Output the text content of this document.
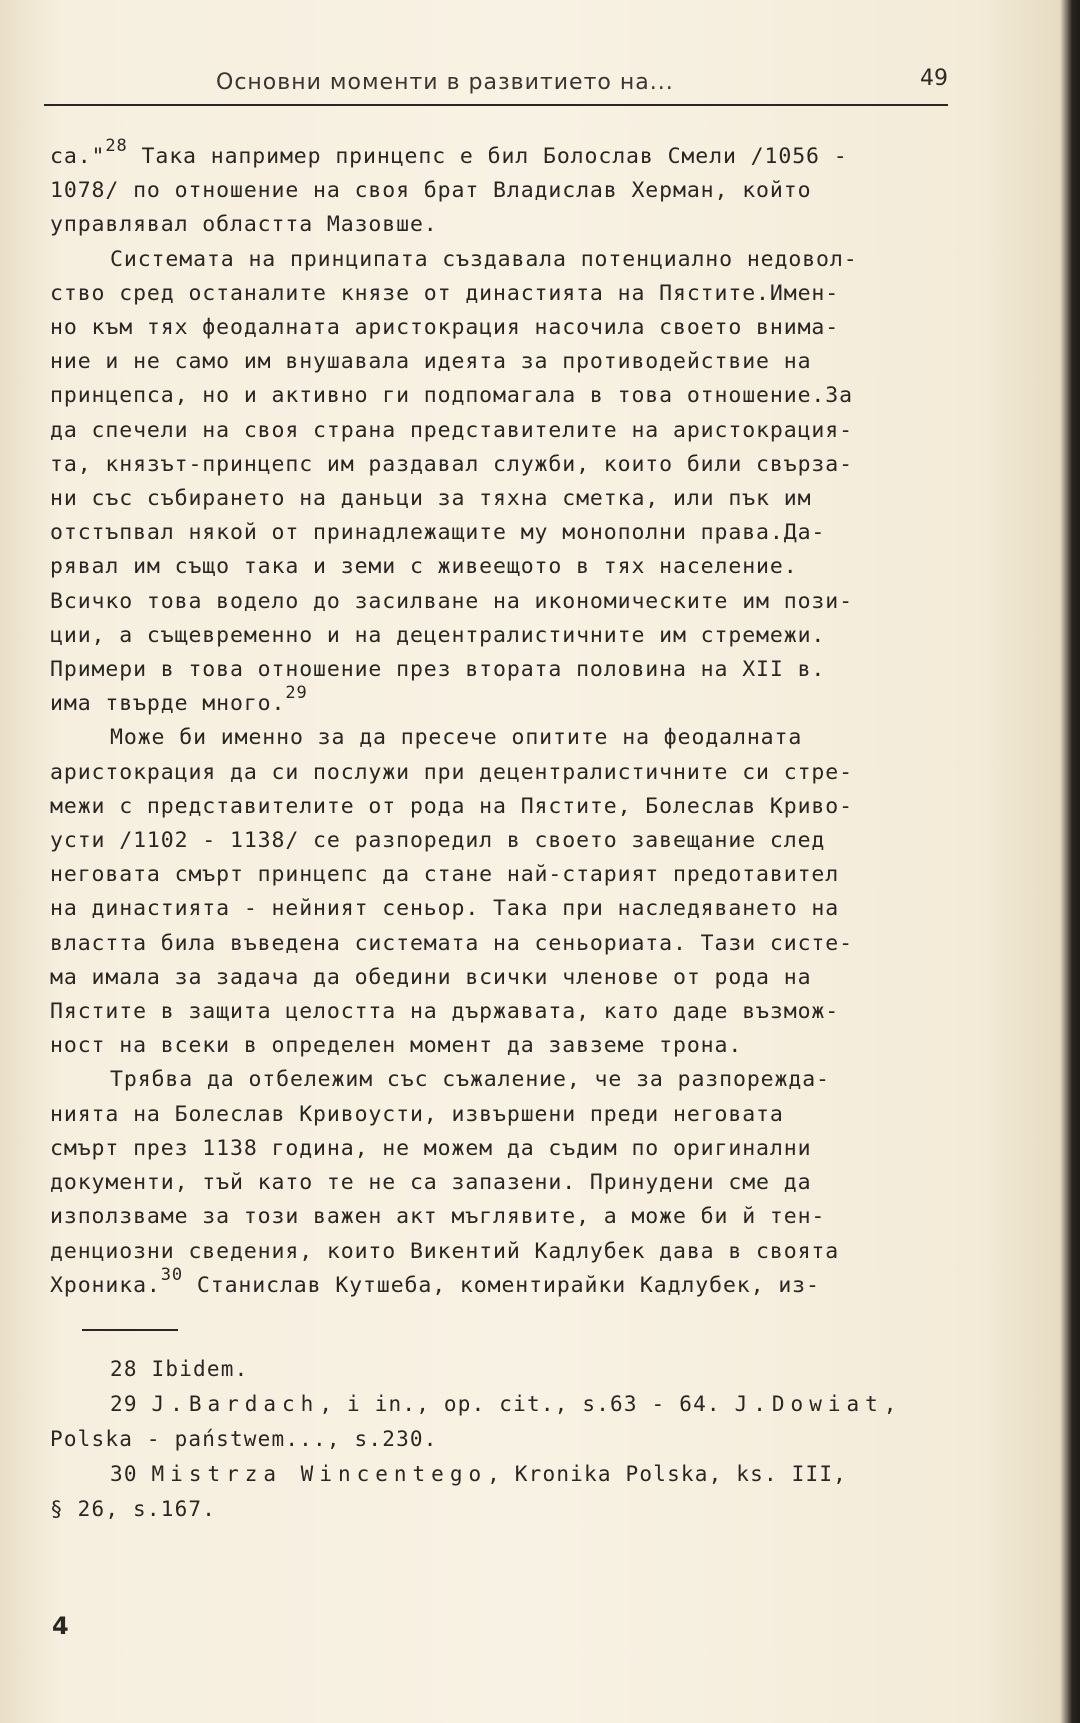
Основни моменти в развитието на...	49

са."$^{28}$ Така например принцепс е бил Болослав Смели /1056 -
1078/ по отношение на своя брат Владислав Херман, който
управлявал областта Мазовше.

Системата на принципата създавала потенциално недовол-
ство сред останалите князе от династията на Пястите.Имен-
но към тях феодалната аристокрация насочила своето внима-
ние и не само им внушавала идеята за противодействие на
принцепса, но и активно ги подпомагала в това отношение.За
да спечели на своя страна представителите на аристокрация-
та, князът-принцепс им раздавал служби, които били свърза-
ни със събирането на даньци за тяхна сметка, или пък им
отстъпвал някой от принадлежащите му монополни права.Да-
рявал им също така и земи с живеещото в тях население.
Всичко това водело до засилване на икономическите им пози-
ции, а същевременно и на децентралистичните им стремежи.
Примери в това отношение през втората половина на XII в.
има твърде много.$^{29}$

Може би именно за да пресече опитите на феодалната
аристокрация да си послужи при децентралистичните си стре-
межи с представителите от рода на Пястите, Болеслав Криво-
усти /1102 - 1138/ се разпоредил в своето завещание след
неговата смърт принцепс да стане най-старият предотавител
на династията - нейният сеньор. Така при наследяването на
властта била въведена системата на сеньориата. Тази систе-
ма имала за задача да обедини всички членове от рода на
Пястите в защита целостта на държавата, като даде възмож-
ност на всеки в определен момент да завземе трона.

Трябва да отбележим със съжаление, че за разпорежда-
нията на Болеслав Кривоусти, извършени преди неговата
смърт през 1138 година, не можем да съдим по оригинални
документи, тъй като те не са запазени. Принудени сме да
използваме за този важен акт мъглявите, а може би й тен-
денциозни сведения, които Викентий Кадлубек дава в своята
Хроника.$^{30}$ Станислав Кутшеба, коментирайки Кадлубек, из-

28 Ibidem.
29 J.Bardach, i in., op. cit., s.63 - 64. J.Dowiat,
Polska - państwem..., s.230.
30 Mistrza Wincentego, Kronika Polska, ks. III,
§ 26, s.167.
4
